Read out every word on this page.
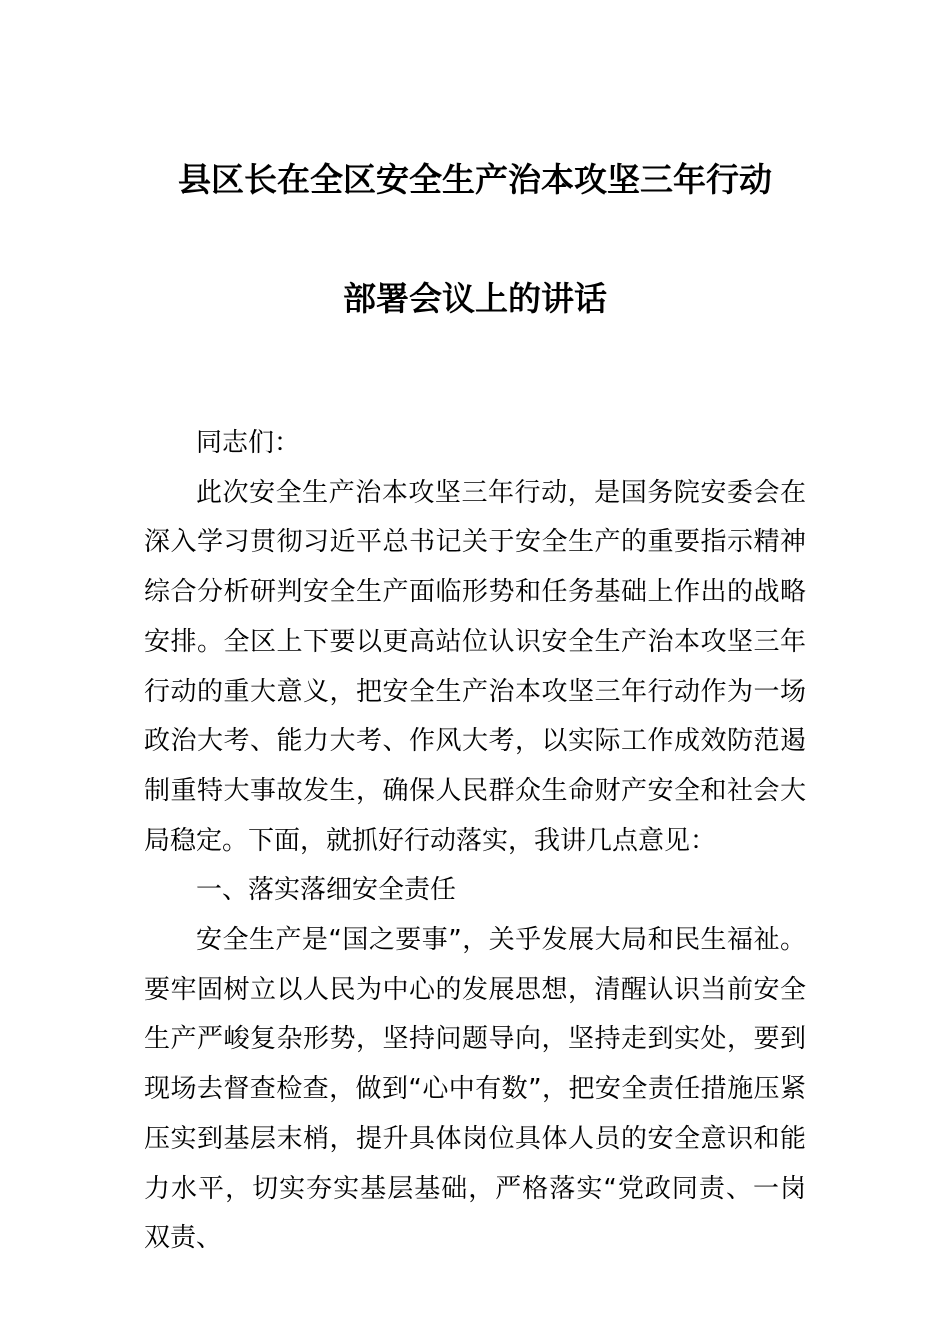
县区长在全区安全生产治本攻坚三年行动
部署会议上的讲话

同志们：

此次安全生产治本攻坚三年行动，是国务院安委会在深入学习贯彻习近平总书记关于安全生产的重要指示精神综合分析研判安全生产面临形势和任务基础上作出的战略安排。全区上下要以更高站位认识安全生产治本攻坚三年行动的重大意义，把安全生产治本攻坚三年行动作为一场政治大考、能力大考、作风大考，以实际工作成效防范遏制重特大事故发生，确保人民群众生命财产安全和社会大局稳定。下面，就抓好行动落实，我讲几点意见：

一、落实落细安全责任

安全生产是“国之要事”，关乎发展大局和民生福祉。要牢固树立以人民为中心的发展思想，清醒认识当前安全生产严峻复杂形势，坚持问题导向，坚持走到实处，要到现场去督查检查，做到“心中有数”，把安全责任措施压紧压实到基层末梢，提升具体岗位具体人员的安全意识和能力水平，切实夯实基层基础，严格落实“党政同责、一岗双责、
